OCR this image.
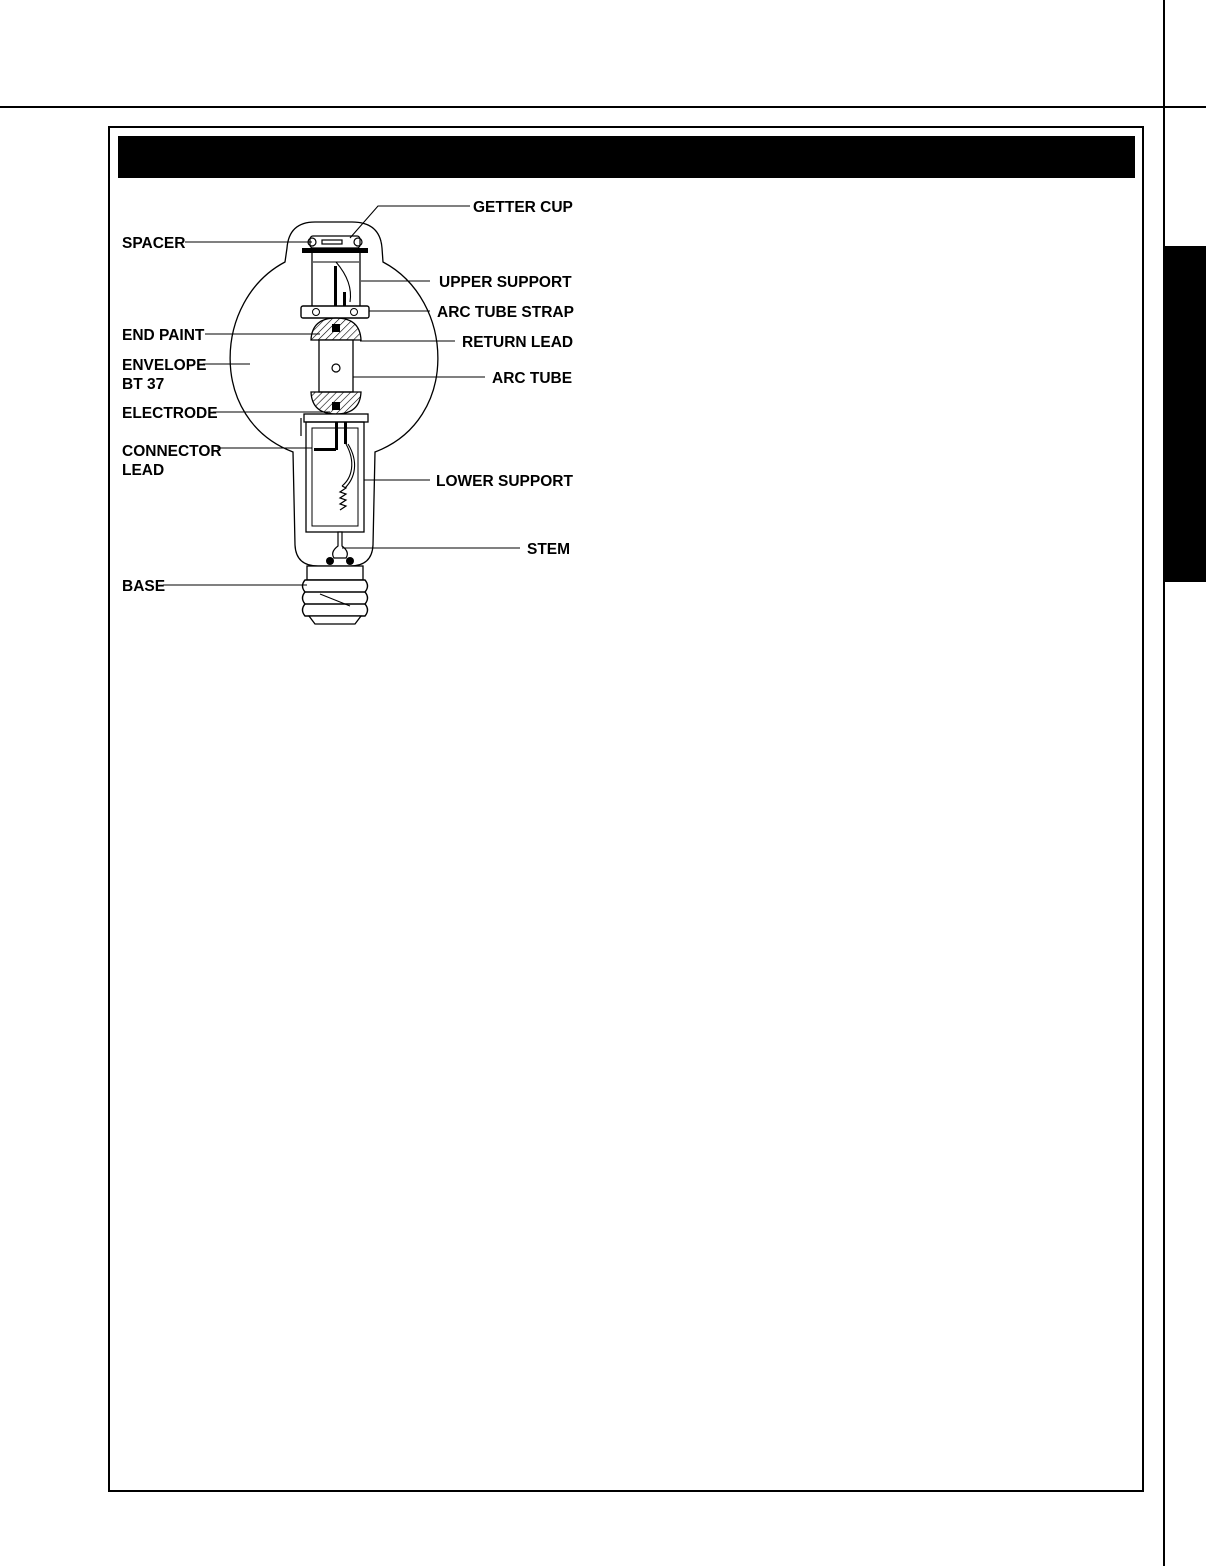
GETTER CUP
SPACER
UPPER SUPPORT
ARC TUBE STRAP
END PAINT	RETURN LEAD
ENVELOPE
BT 37	ARC TUBE
ELECTRODE
CONNECTOR
LEAD
LOWER SUPPORT
STEM
BASE
